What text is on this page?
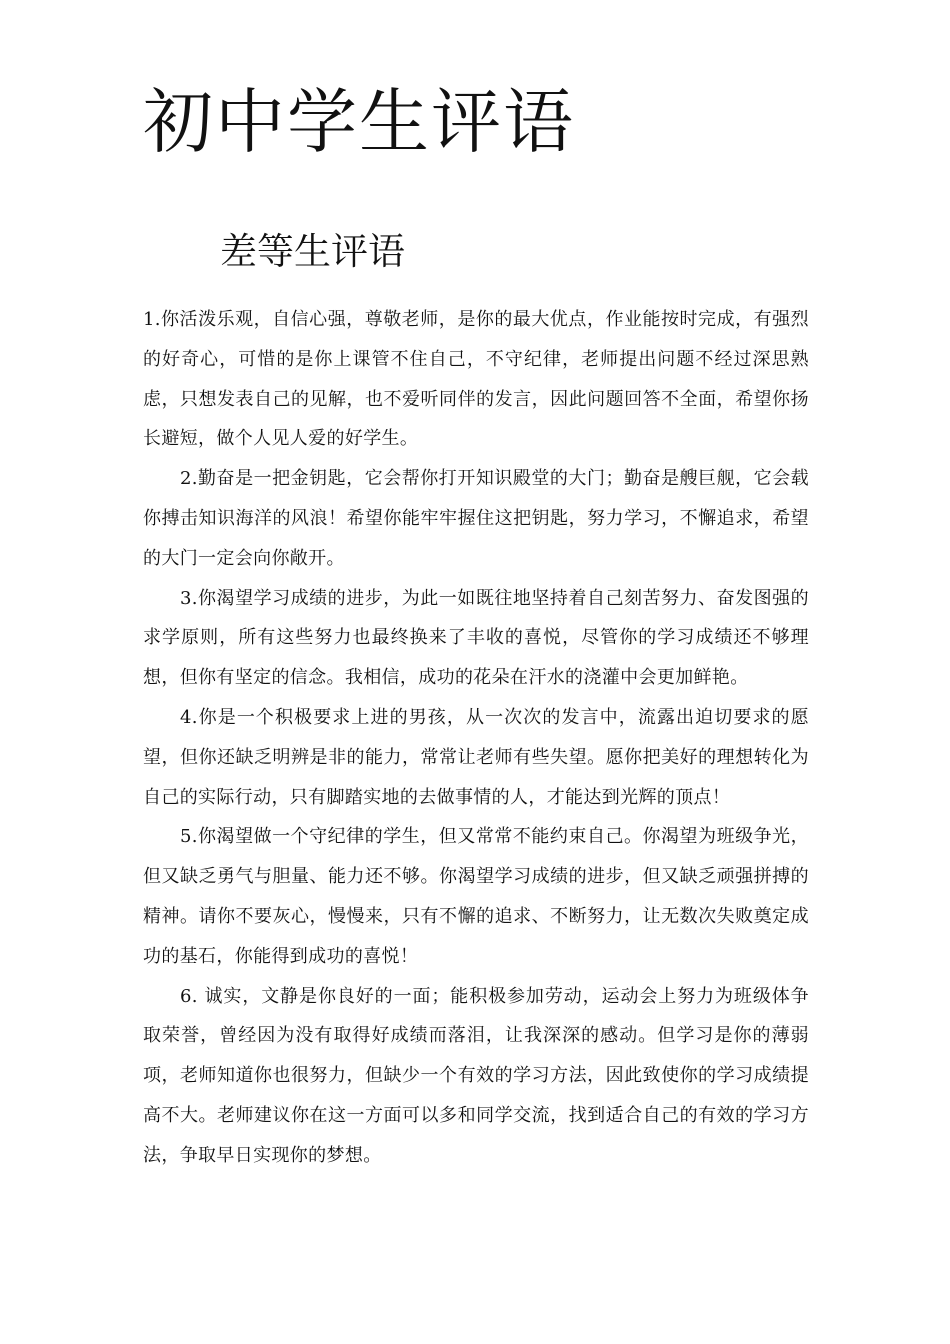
初中学生评语
差等生评语

1.你活泼乐观，自信心强，尊敬老师，是你的最大优点，作业能按时完成，有强烈的好奇心，可惜的是你上课管不住自己，不守纪律，老师提出问题不经过深思熟虑，只想发表自己的见解，也不爱听同伴的发言，因此问题回答不全面，希望你扬长避短，做个人见人爱的好学生。

2.勤奋是一把金钥匙，它会帮你打开知识殿堂的大门；勤奋是艘巨舰，它会载你搏击知识海洋的风浪！希望你能牢牢握住这把钥匙，努力学习，不懈追求，希望的大门一定会向你敞开。

3.你渴望学习成绩的进步，为此一如既往地坚持着自己刻苦努力、奋发图强的求学原则，所有这些努力也最终换来了丰收的喜悦，尽管你的学习成绩还不够理想，但你有坚定的信念。我相信，成功的花朵在汗水的浇灌中会更加鲜艳。

4.你是一个积极要求上进的男孩，从一次次的发言中，流露出迫切要求的愿望，但你还缺乏明辨是非的能力，常常让老师有些失望。愿你把美好的理想转化为自己的实际行动，只有脚踏实地的去做事情的人，才能达到光辉的顶点！

5.你渴望做一个守纪律的学生，但又常常不能约束自己。你渴望为班级争光，但又缺乏勇气与胆量、能力还不够。你渴望学习成绩的进步，但又缺乏顽强拼搏的精神。请你不要灰心，慢慢来，只有不懈的追求、不断努力，让无数次失败奠定成功的基石，你能得到成功的喜悦！

6. 诚实，文静是你良好的一面；能积极参加劳动，运动会上努力为班级体争取荣誉，曾经因为没有取得好成绩而落泪，让我深深的感动。但学习是你的薄弱项，老师知道你也很努力，但缺少一个有效的学习方法，因此致使你的学习成绩提高不大。老师建议你在这一方面可以多和同学交流，找到适合自己的有效的学习方法，争取早日实现你的梦想。
